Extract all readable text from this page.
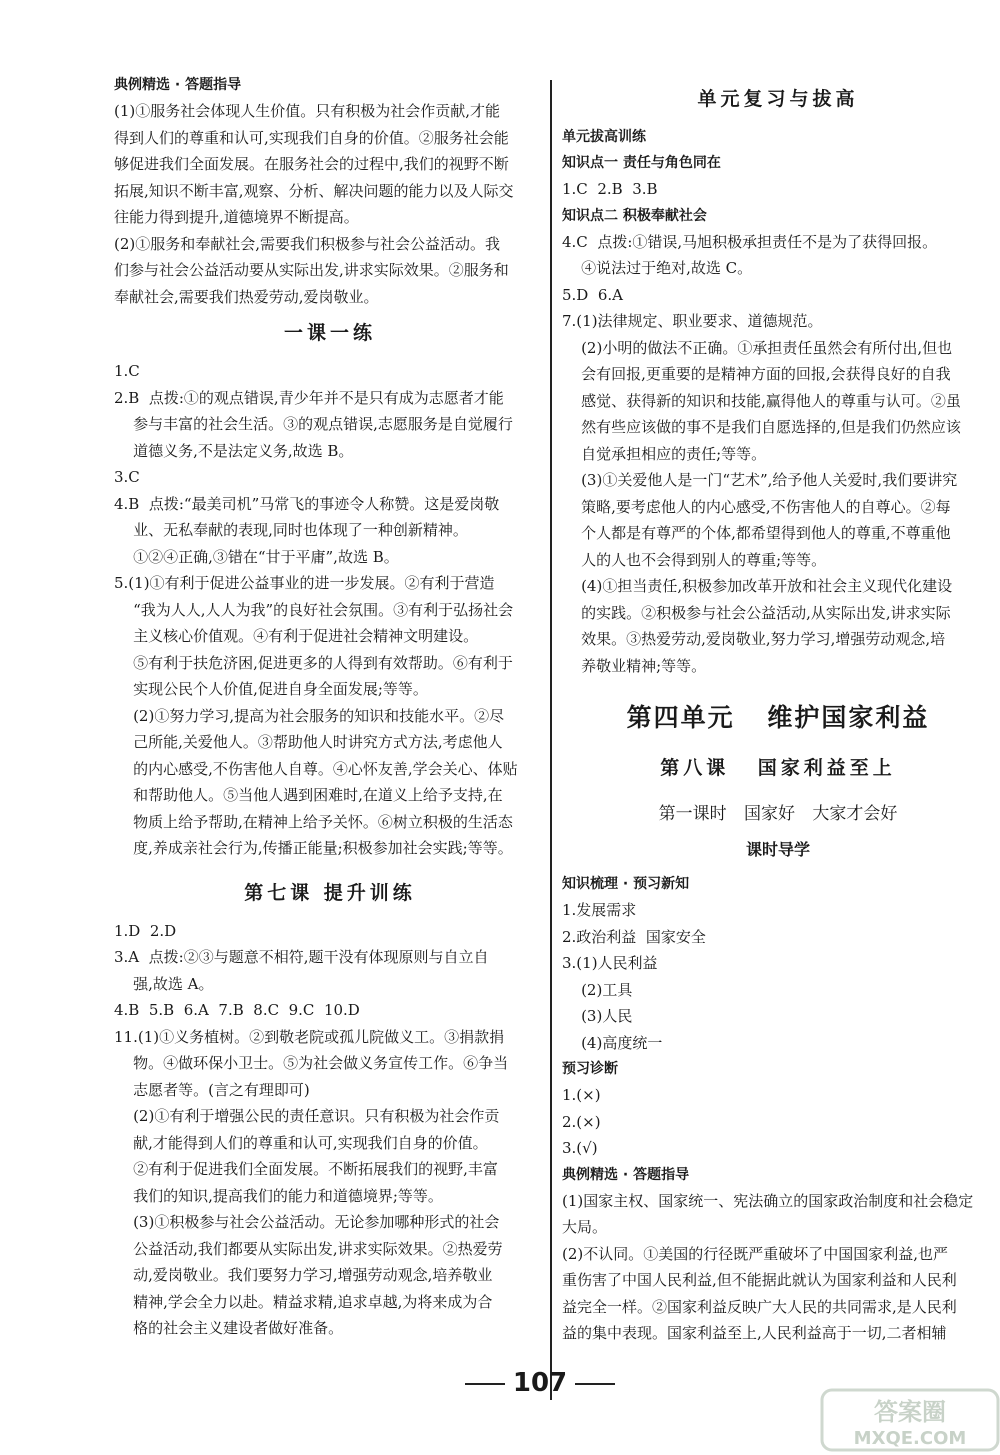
典例精选 · 答题指导

(1)①服务社会体现人生价值。只有积极为社会作贡献,才能

得到人们的尊重和认可,实现我们自身的价值。②服务社会能

够促进我们全面发展。在服务社会的过程中,我们的视野不断

拓展,知识不断丰富,观察、分析、解决问题的能力以及人际交

往能力得到提升,道德境界不断提高。

(2)①服务和奉献社会,需要我们积极参与社会公益活动。我

们参与社会公益活动要从实际出发,讲求实际效果。②服务和

奉献社会,需要我们热爱劳动,爱岗敬业。

一课一练

1.C

2.B  点拨:①的观点错误,青少年并不是只有成为志愿者才能

参与丰富的社会生活。③的观点错误,志愿服务是自觉履行

道德义务,不是法定义务,故选 B。

3.C

4.B  点拨:“最美司机”马常飞的事迹令人称赞。这是爱岗敬

业、无私奉献的表现,同时也体现了一种创新精神。

①②④正确,③错在“甘于平庸”,故选 B。

5.(1)①有利于促进公益事业的进一步发展。②有利于营造

“我为人人,人人为我”的良好社会氛围。③有利于弘扬社会

主义核心价值观。④有利于促进社会精神文明建设。

⑤有利于扶危济困,促进更多的人得到有效帮助。⑥有利于

实现公民个人价值,促进自身全面发展;等等。

(2)①努力学习,提高为社会服务的知识和技能水平。②尽

己所能,关爱他人。③帮助他人时讲究方式方法,考虑他人

的内心感受,不伤害他人自尊。④心怀友善,学会关心、体贴

和帮助他人。⑤当他人遇到困难时,在道义上给予支持,在

物质上给予帮助,在精神上给予关怀。⑥树立积极的生活态

度,养成亲社会行为,传播正能量;积极参加社会实践;等等。

第七课 提升训练

1.D  2.D

3.A  点拨:②③与题意不相符,题干没有体现原则与自立自

强,故选 A。

4.B  5.B  6.A  7.B  8.C  9.C  10.D

11.(1)①义务植树。②到敬老院或孤儿院做义工。③捐款捐

物。④做环保小卫士。⑤为社会做义务宣传工作。⑥争当

志愿者等。(言之有理即可)

(2)①有利于增强公民的责任意识。只有积极为社会作贡

献,才能得到人们的尊重和认可,实现我们自身的价值。

②有利于促进我们全面发展。不断拓展我们的视野,丰富

我们的知识,提高我们的能力和道德境界;等等。

(3)①积极参与社会公益活动。无论参加哪种形式的社会

公益活动,我们都要从实际出发,讲求实际效果。②热爱劳

动,爱岗敬业。我们要努力学习,增强劳动观念,培养敬业

精神,学会全力以赴。精益求精,追求卓越,为将来成为合

格的社会主义建设者做好准备。

单元复习与拔高

单元拔高训练

知识点一 责任与角色同在

1.C  2.B  3.B

知识点二 积极奉献社会

4.C  点拨:①错误,马旭积极承担责任不是为了获得回报。

④说法过于绝对,故选 C。

5.D  6.A

7.(1)法律规定、职业要求、道德规范。

(2)小明的做法不正确。①承担责任虽然会有所付出,但也

会有回报,更重要的是精神方面的回报,会获得良好的自我

感觉、获得新的知识和技能,赢得他人的尊重与认可。②虽

然有些应该做的事不是我们自愿选择的,但是我们仍然应该

自觉承担相应的责任;等等。

(3)①关爱他人是一门“艺术”,给予他人关爱时,我们要讲究

策略,要考虑他人的内心感受,不伤害他人的自尊心。②每

个人都是有尊严的个体,都希望得到他人的尊重,不尊重他

人的人也不会得到别人的尊重;等等。

(4)①担当责任,积极参加改革开放和社会主义现代化建设

的实践。②积极参与社会公益活动,从实际出发,讲求实际

效果。③热爱劳动,爱岗敬业,努力学习,增强劳动观念,培

养敬业精神;等等。

第四单元 维护国家利益
第八课 国家利益至上
第一课时 国家好 大家才会好
课时导学

知识梳理 · 预习新知

1.发展需求

2.政治利益  国家安全

3.(1)人民利益

(2)工具

(3)人民

(4)高度统一

预习诊断

1.(×)

2.(×)

3.(√)

典例精选 · 答题指导

(1)国家主权、国家统一、宪法确立的国家政治制度和社会稳定

大局。

(2)不认同。①美国的行径既严重破坏了中国国家利益,也严

重伤害了中国人民利益,但不能据此就认为国家利益和人民利

益完全一样。②国家利益反映广大人民的共同需求,是人民利

益的集中表现。国家利益至上,人民利益高于一切,二者相辅

107
答案圈
MXQE.COM
